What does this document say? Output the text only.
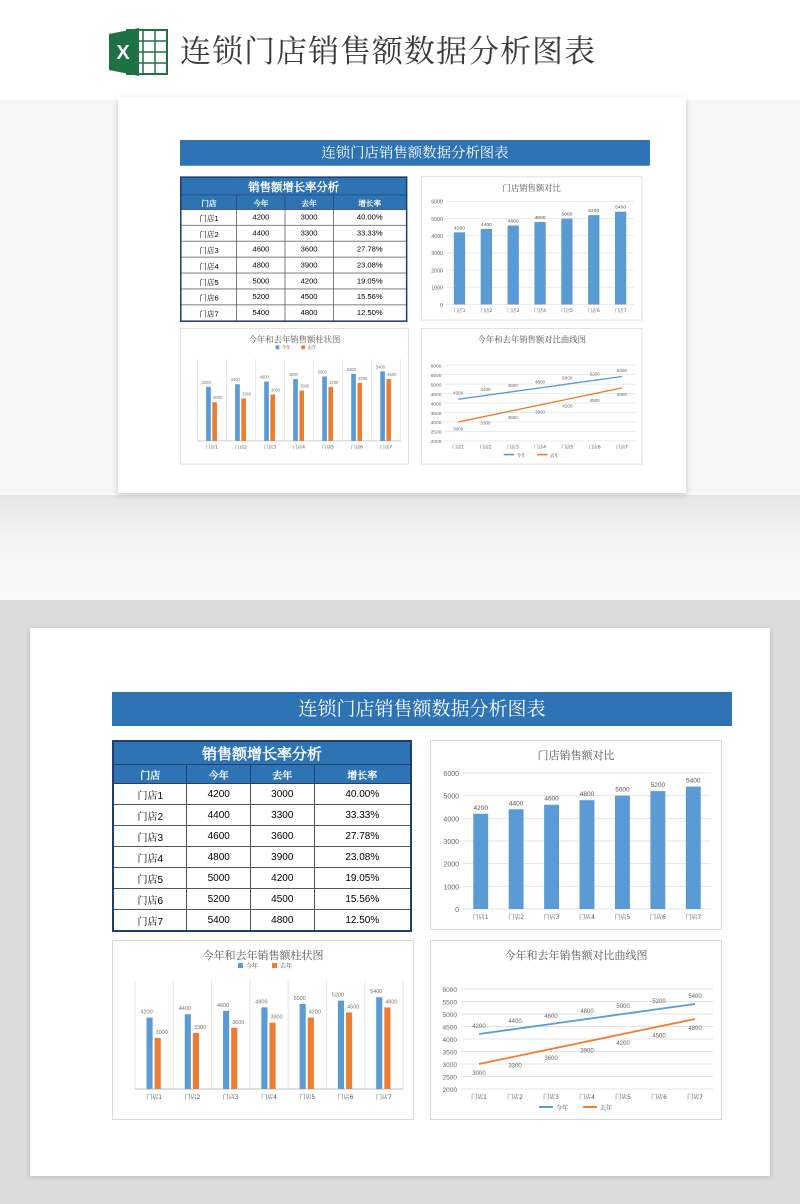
X 连锁门店销售额数据分析图表
连锁门店销售额数据分析图表
销售额增长率分析			
门店	今年	去年	增长率
门店1	4200	3000	40.00%
门店2	4400	3300	33.33%
门店3	4600	3600	27.78%
门店4	4800	3900	23.08%
门店5	5000	4200	19.05%
门店6	5200	4500	15.56%
门店7	5400	4800	12.50%
门店销售额对比
0
1000
2000
3000
4000
5000
6000
4200
门店1
4400
门店2
4600
门店3
4800
门店4
5000
门店5
5200
门店6
5400
门店7
今年和去年销售额柱状图
今年	去年
4200
3000
门店1
4400
3300
门店2
4600
3600
门店3
4800
3900
门店4
5000
4200
门店5
5200
4500
门店6
5400
4800
门店7
今年和去年销售额对比曲线图
2000
2500
3000
3500
4000
4500
5000
5500
6000
4200
4400
4600
4800
5000
5200
5400
3000
3300
3600
3900
4200
4500
4800
门店1	门店2	门店3	门店4	门店5	门店6	门店7
今年	去年
连锁门店销售额数据分析图表
销售额增长率分析			
门店	今年	去年	增长率
门店1	4200	3000	40.00%
门店2	4400	3300	33.33%
门店3	4600	3600	27.78%
门店4	4800	3900	23.08%
门店5	5000	4200	19.05%
门店6	5200	4500	15.56%
门店7	5400	4800	12.50%
门店销售额对比
0
1000
2000
3000
4000
5000
6000
4200
门店1
4400
门店2
4600
门店3
4800
门店4
5000
门店5
5200
门店6
5400
门店7
今年和去年销售额柱状图
今年	去年
4200
3000
门店1
4400
3300
门店2
4600
3600
门店3
4800
3900
门店4
5000
4200
门店5
5200
4500
门店6
5400
4800
门店7
今年和去年销售额对比曲线图
2000
2500
3000
3500
4000
4500
5000
5500
6000
4200
4400
4600
4800
5000
5200
5400
3000
3300
3600
3900
4200
4500
4800
门店1	门店2	门店3	门店4	门店5	门店6	门店7
今年	去年
